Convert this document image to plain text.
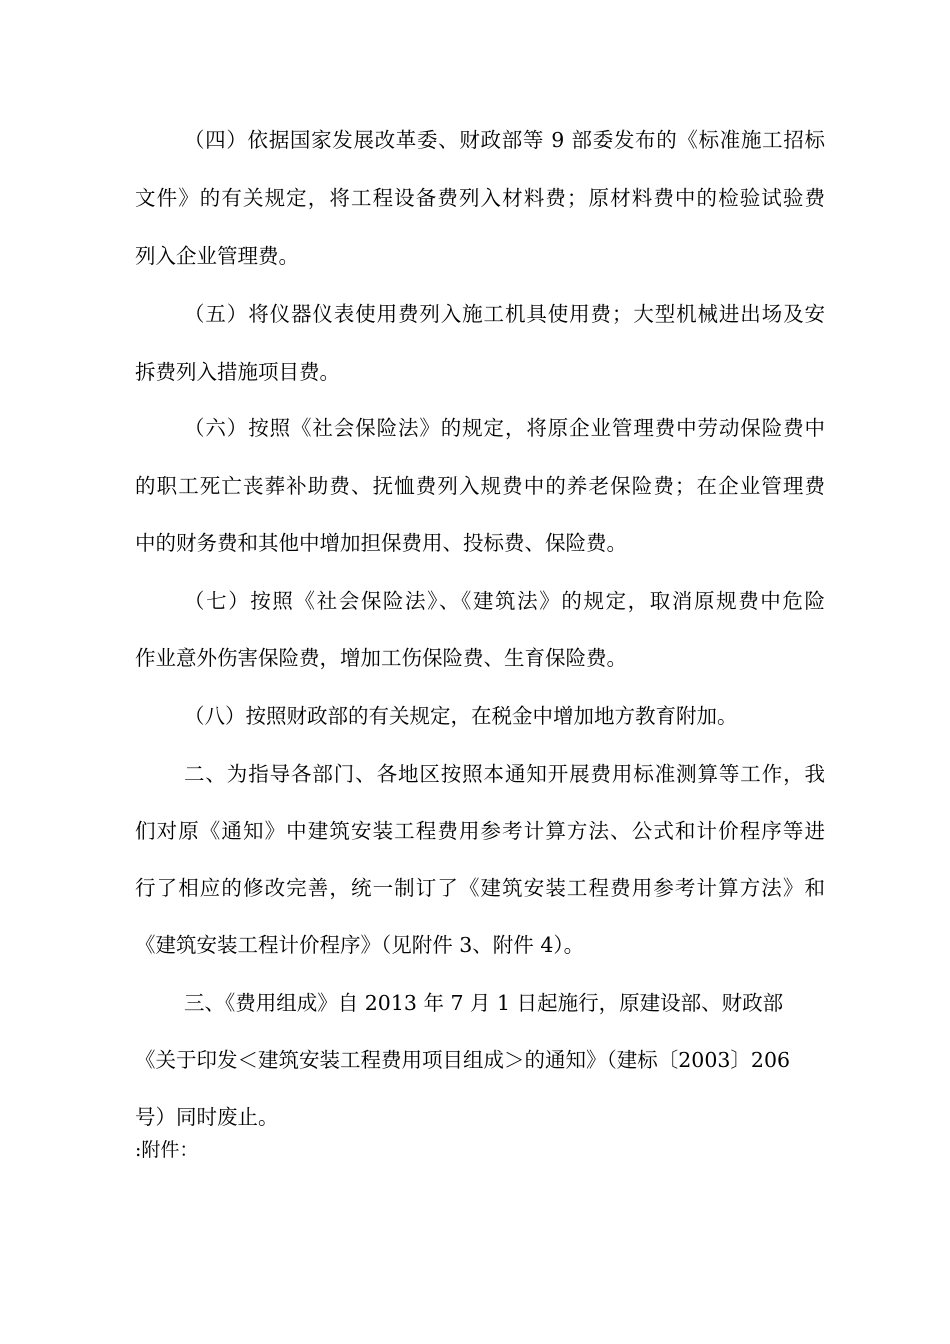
（四）依据国家发展改革委、财政部等 9 部委发布的《标准施工招标
文件》的有关规定，将工程设备费列入材料费；原材料费中的检验试验费
列入企业管理费。
（五）将仪器仪表使用费列入施工机具使用费；大型机械进出场及安
拆费列入措施项目费。
（六）按照《社会保险法》的规定，将原企业管理费中劳动保险费中
的职工死亡丧葬补助费、抚恤费列入规费中的养老保险费；在企业管理费
中的财务费和其他中增加担保费用、投标费、保险费。
（七）按照《社会保险法》、《建筑法》的规定，取消原规费中危险
作业意外伤害保险费，增加工伤保险费、生育保险费。
（八）按照财政部的有关规定，在税金中增加地方教育附加。
二、为指导各部门、各地区按照本通知开展费用标准测算等工作，我
们对原《通知》中建筑安装工程费用参考计算方法、公式和计价程序等进
行了相应的修改完善，统一制订了《建筑安装工程费用参考计算方法》和
《建筑安装工程计价程序》（见附件 3、附件 4）。
三、《费用组成》自 2013 年 7 月 1 日起施行，原建设部、财政部
《关于印发＜建筑安装工程费用项目组成＞的通知》（建标〔2003〕206
号）同时废止。
:附件：
